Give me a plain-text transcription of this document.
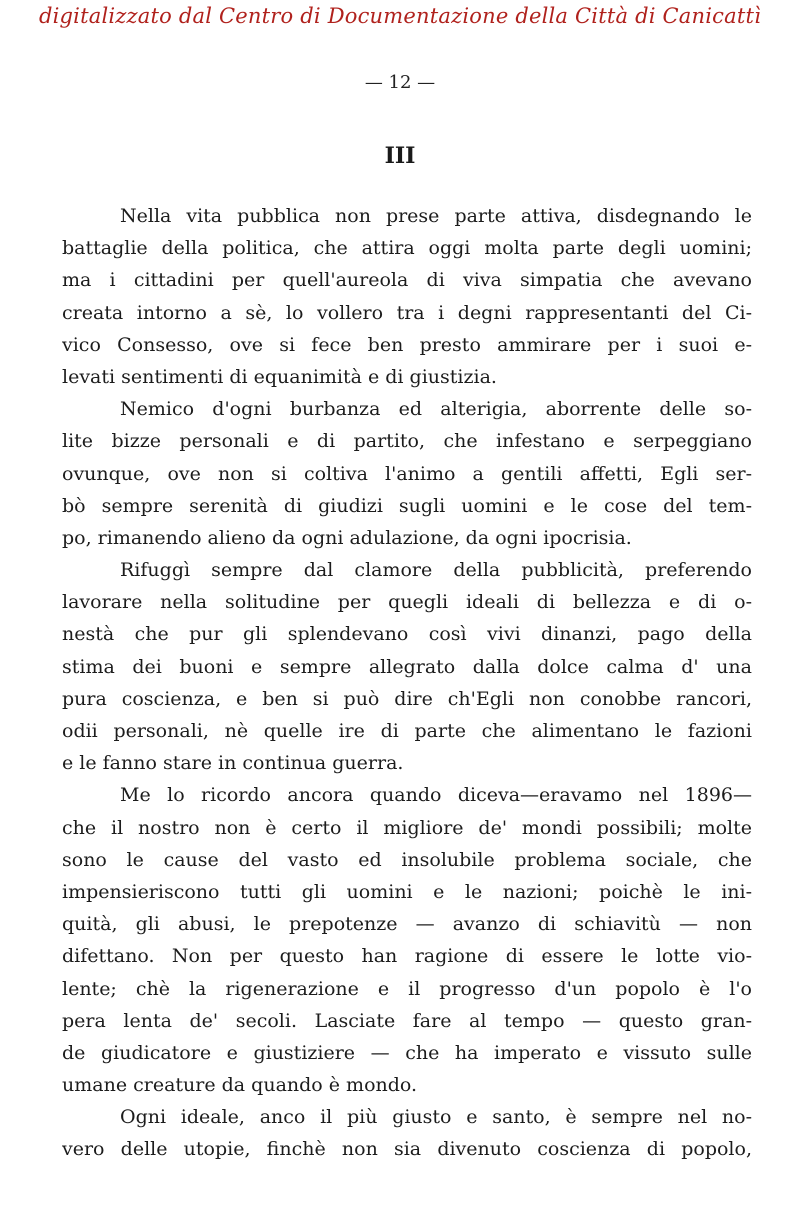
digitalizzato dal Centro di Documentazione della Città di Canicattì
— 12 —
III
Nella vita pubblica non prese parte attiva, disdegnando le
battaglie della politica, che attira oggi molta parte degli uomini;
ma i cittadini per quell'aureola di viva simpatia che avevano
creata intorno a sè, lo vollero tra i degni rappresentanti del Ci-
vico Consesso, ove si fece ben presto ammirare per i suoi e-
levati sentimenti di equanimità e di giustizia.
Nemico d'ogni burbanza ed alterigia, aborrente delle so-
lite bizze personali e di partito, che infestano e serpeggiano
ovunque, ove non si coltiva l'animo a gentili affetti, Egli ser-
bò sempre serenità di giudizi sugli uomini e le cose del tem-
po, rimanendo alieno da ogni adulazione, da ogni ipocrisia.
Rifuggì sempre dal clamore della pubblicità, preferendo
lavorare nella solitudine per quegli ideali di bellezza e di o-
nestà che pur gli splendevano così vivi dinanzi, pago della
stima dei buoni e sempre allegrato dalla dolce calma d' una
pura coscienza, e ben si può dire ch'Egli non conobbe rancori,
odii personali, nè quelle ire di parte che alimentano le fazioni
e le fanno stare in continua guerra.
Me lo ricordo ancora quando diceva—eravamo nel 1896—
che il nostro non è certo il migliore de' mondi possibili; molte
sono le cause del vasto ed insolubile problema sociale, che
impensieriscono tutti gli uomini e le nazioni; poichè le ini-
quità, gli abusi, le prepotenze — avanzo di schiavitù — non
difettano. Non per questo han ragione di essere le lotte vio-
lente; chè la rigenerazione e il progresso d'un popolo è l'o
pera lenta de' secoli. Lasciate fare al tempo — questo gran-
de giudicatore e giustiziere — che ha imperato e vissuto sulle
umane creature da quando è mondo.
Ogni ideale, anco il più giusto e santo, è sempre nel no-
vero delle utopie, finchè non sia divenuto coscienza di popolo,
